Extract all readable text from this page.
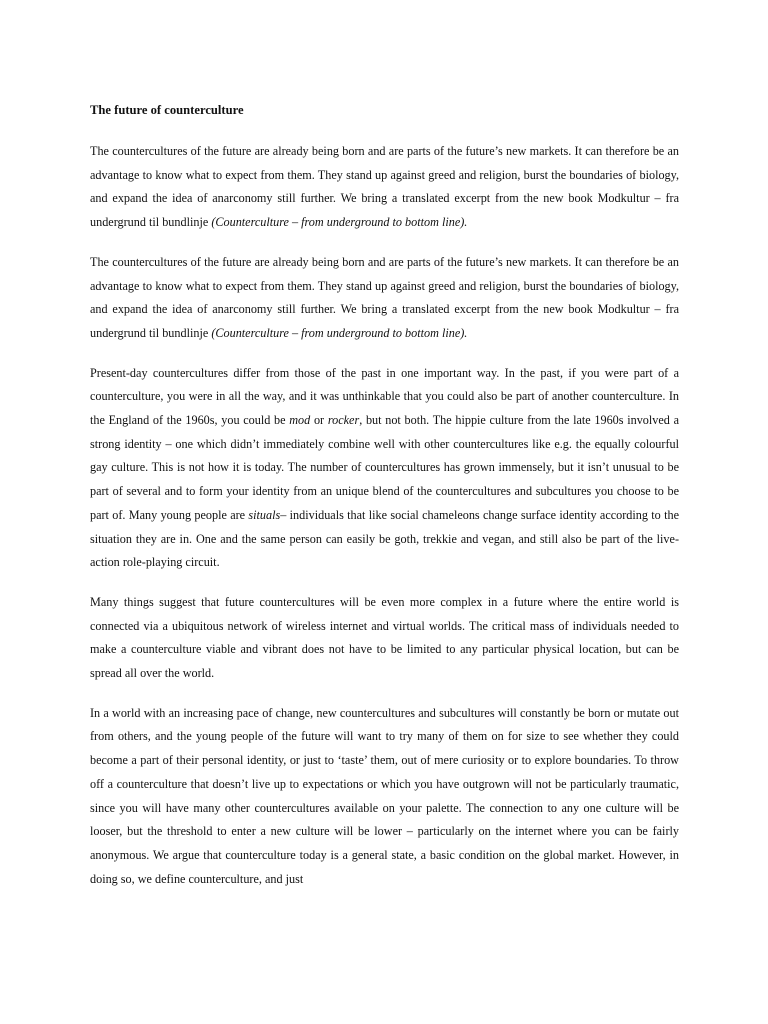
The future of counterculture

The countercultures of the future are already being born and are parts of the future’s new markets. It can therefore be an advantage to know what to expect from them. They stand up against greed and religion, burst the boundaries of biology, and expand the idea of anarconomy still further. We bring a translated excerpt from the new book Modkultur – fra undergrund til bundlinje (Counterculture – from underground to bottom line).

The countercultures of the future are already being born and are parts of the future’s new markets. It can therefore be an advantage to know what to expect from them. They stand up against greed and religion, burst the boundaries of biology, and expand the idea of anarconomy still further. We bring a translated excerpt from the new book Modkultur – fra undergrund til bundlinje (Counterculture – from underground to bottom line).

Present-day countercultures differ from those of the past in one important way. In the past, if you were part of a counterculture, you were in all the way, and it was unthinkable that you could also be part of another counterculture. In the England of the 1960s, you could be mod or rocker, but not both. The hippie culture from the late 1960s involved a strong identity – one which didn’t immediately combine well with other countercultures like e.g. the equally colourful gay culture. This is not how it is today. The number of countercultures has grown immensely, but it isn’t unusual to be part of several and to form your identity from an unique blend of the countercultures and subcultures you choose to be part of. Many young people are situals– individuals that like social chameleons change surface identity according to the situation they are in. One and the same person can easily be goth, trekkie and vegan, and still also be part of the live-action role-playing circuit.

Many things suggest that future countercultures will be even more complex in a future where the entire world is connected via a ubiquitous network of wireless internet and virtual worlds. The critical mass of individuals needed to make a counterculture viable and vibrant does not have to be limited to any particular physical location, but can be spread all over the world.

In a world with an increasing pace of change, new countercultures and subcultures will constantly be born or mutate out from others, and the young people of the future will want to try many of them on for size to see whether they could become a part of their personal identity, or just to ‘taste’ them, out of mere curiosity or to explore boundaries. To throw off a counterculture that doesn’t live up to expectations or which you have outgrown will not be particularly traumatic, since you will have many other countercultures available on your palette. The connection to any one culture will be looser, but the threshold to enter a new culture will be lower – particularly on the internet where you can be fairly anonymous. We argue that counterculture today is a general state, a basic condition on the global market. However, in doing so, we define counterculture, and just
